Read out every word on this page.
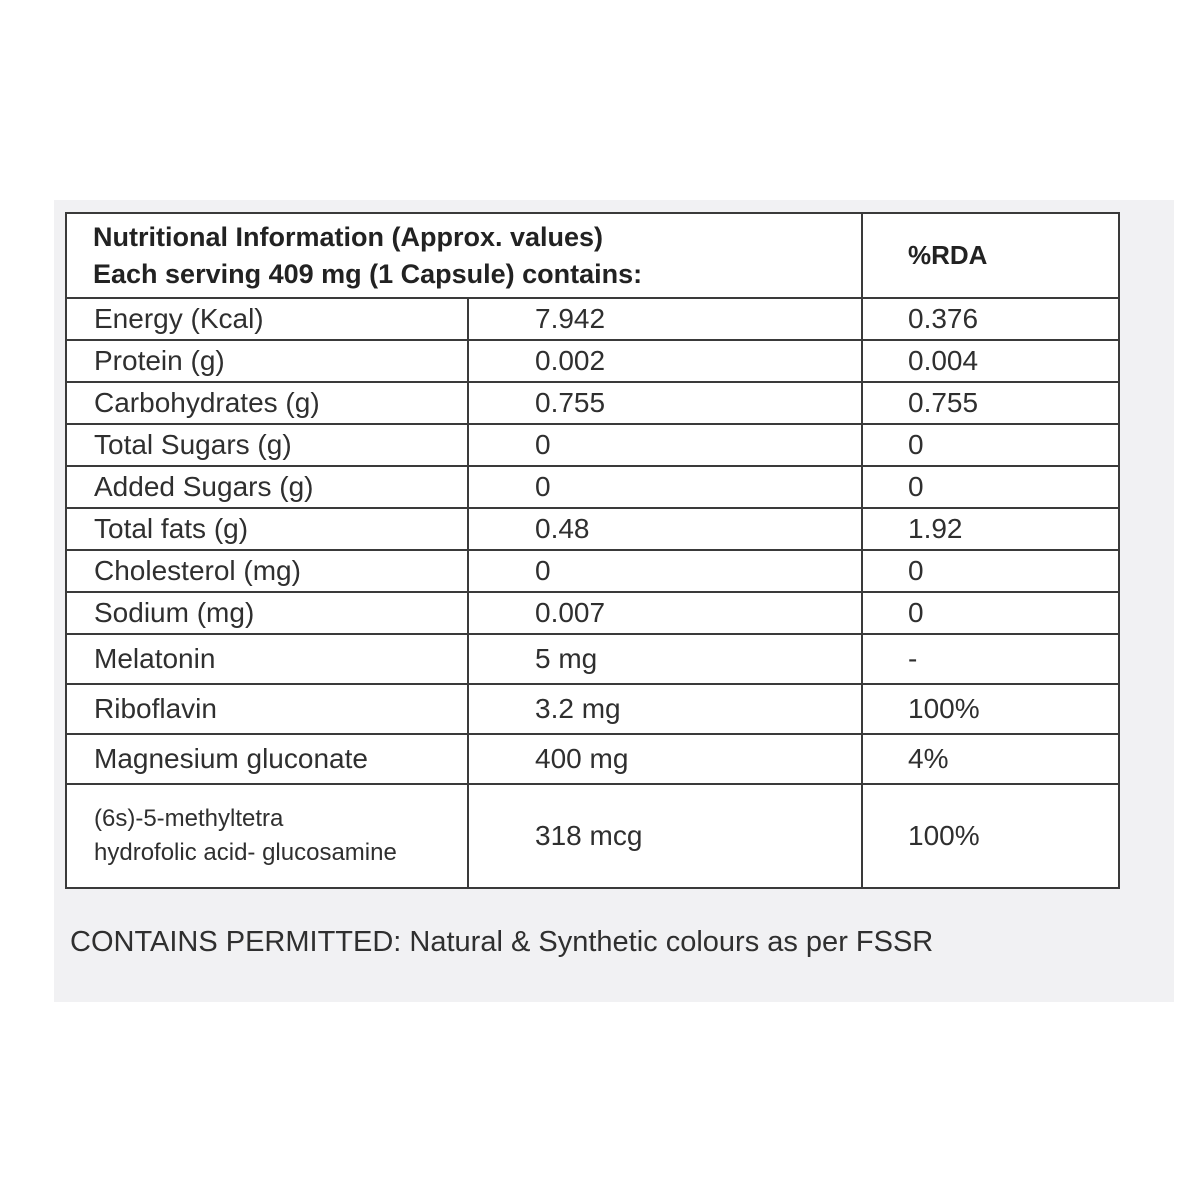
Nutritional Information (Approx. values)
Each serving 409 mg (1 Capsule) contains:		%RDA
Energy (Kcal)	7.942	0.376
Protein (g)	0.002	0.004
Carbohydrates (g)	0.755	0.755
Total Sugars (g)	0	0
Added Sugars (g)	0	0
Total fats (g)	0.48	1.92
Cholesterol (mg)	0	0
Sodium (mg)	0.007	0
Melatonin	5 mg	-
Riboflavin	3.2 mg	100%
Magnesium gluconate	400 mg	4%
(6s)-5-methyltetra
hydrofolic acid- glucosamine	318 mcg	100%
CONTAINS PERMITTED: Natural & Synthetic colours as per FSSR
